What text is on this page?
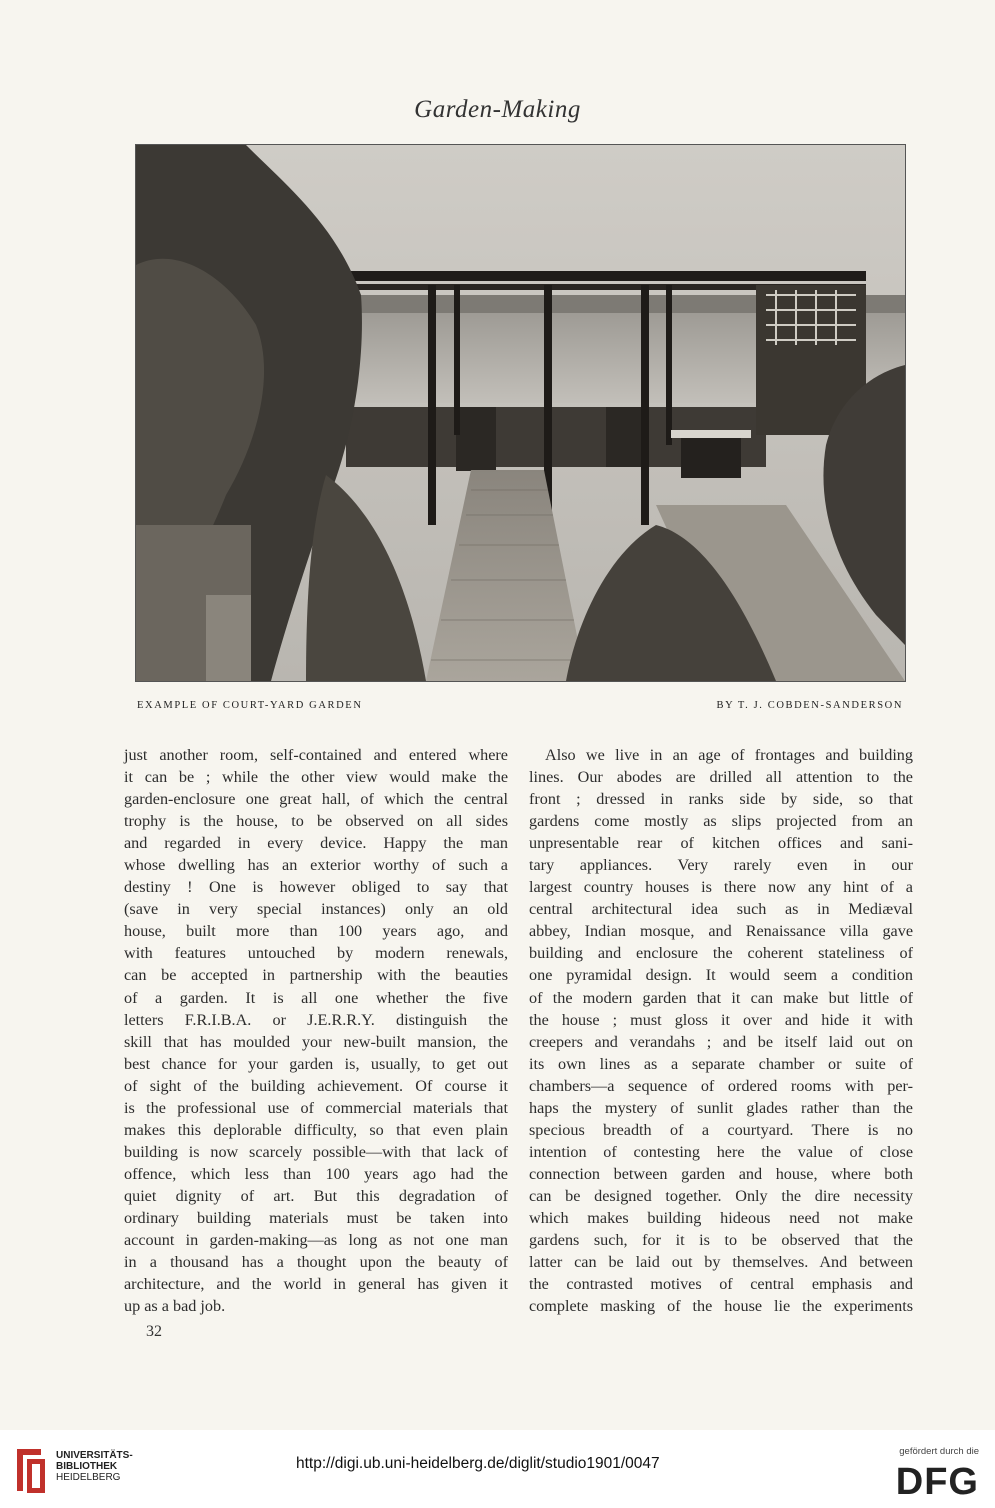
Garden-Making
EXAMPLE OF COURT-YARD GARDEN	BY T. J. COBDEN-SANDERSON
just another room, self-contained and entered where
it can be ; while the other view would make the
garden-enclosure one great hall, of which the central
trophy is the house, to be observed on all sides
and regarded in every device. Happy the man
whose dwelling has an exterior worthy of such a
destiny ! One is however obliged to say that
(save in very special instances) only an old
house, built more than 100 years ago, and
with features untouched by modern renewals,
can be accepted in partnership with the beauties
of a garden. It is all one whether the five
letters F.R.I.B.A. or J.E.R.R.Y. distinguish the
skill that has moulded your new-built mansion, the
best chance for your garden is, usually, to get out
of sight of the building achievement. Of course it
is the professional use of commercial materials that
makes this deplorable difficulty, so that even plain
building is now scarcely possible—with that lack of
offence, which less than 100 years ago had the
quiet dignity of art. But this degradation of
ordinary building materials must be taken into
account in garden-making—as long as not one man
in a thousand has a thought upon the beauty of
architecture, and the world in general has given it
up as a bad job.
Also we live in an age of frontages and building
lines. Our abodes are drilled all attention to the
front ; dressed in ranks side by side, so that
gardens come mostly as slips projected from an
unpresentable rear of kitchen offices and sani-
tary appliances. Very rarely even in our
largest country houses is there now any hint of a
central architectural idea such as in Mediæval
abbey, Indian mosque, and Renaissance villa gave
building and enclosure the coherent stateliness of
one pyramidal design. It would seem a condition
of the modern garden that it can make but little of
the house ; must gloss it over and hide it with
creepers and verandahs ; and be itself laid out on
its own lines as a separate chamber or suite of
chambers—a sequence of ordered rooms with per-
haps the mystery of sunlit glades rather than the
specious breadth of a courtyard. There is no
intention of contesting here the value of close
connection between garden and house, where both
can be designed together. Only the dire necessity
which makes building hideous need not make
gardens such, for it is to be observed that the
latter can be laid out by themselves. And between
the contrasted motives of central emphasis and
complete masking of the house lie the experiments
32
UNIVERSITÄTS-
BIBLIOTHEK
HEIDELBERG
http://digi.ub.uni-heidelberg.de/diglit/studio1901/0047
gefördert durch die
DFG
